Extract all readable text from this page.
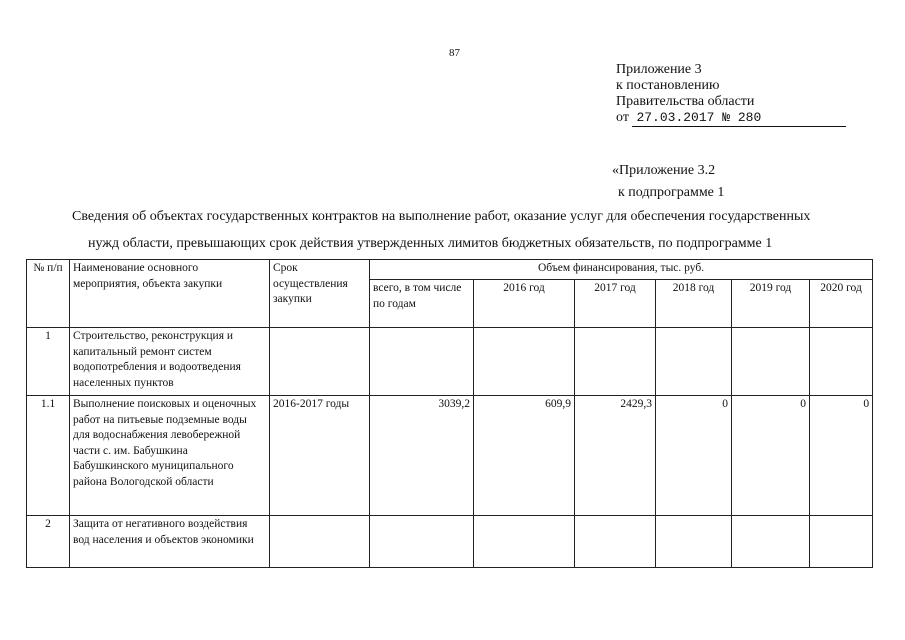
87
Приложение 3
к постановлению
Правительства области
от 27.03.2017 № 280
«Приложение 3.2
к подпрограмме 1
Сведения об объектах государственных контрактов на выполнение работ, оказание услуг для обеспечения государственных
нужд области, превышающих срок действия утвержденных лимитов бюджетных обязательств, по подпрограмме 1
№ п/п	Наименование основного мероприятия, объекта закупки	Срок осуществления закупки	Объем финансирования, тыс. руб.					
			всего, в том числе по годам	2016 год	2017 год	2018 год	2019 год	2020 год
1	Строительство, реконструкция и капитальный ремонт систем водопотребления и водоотведения населенных пунктов							
1.1	Выполнение поисковых и оценочных работ на питьевые подземные воды для водоснабжения левобережной части с. им. Бабушкина Бабушкинского муниципального района Вологодской области	2016-2017 годы	3039,2	609,9	2429,3	0	0	0
2	Защита от негативного воздействия вод населения и объектов экономики							
